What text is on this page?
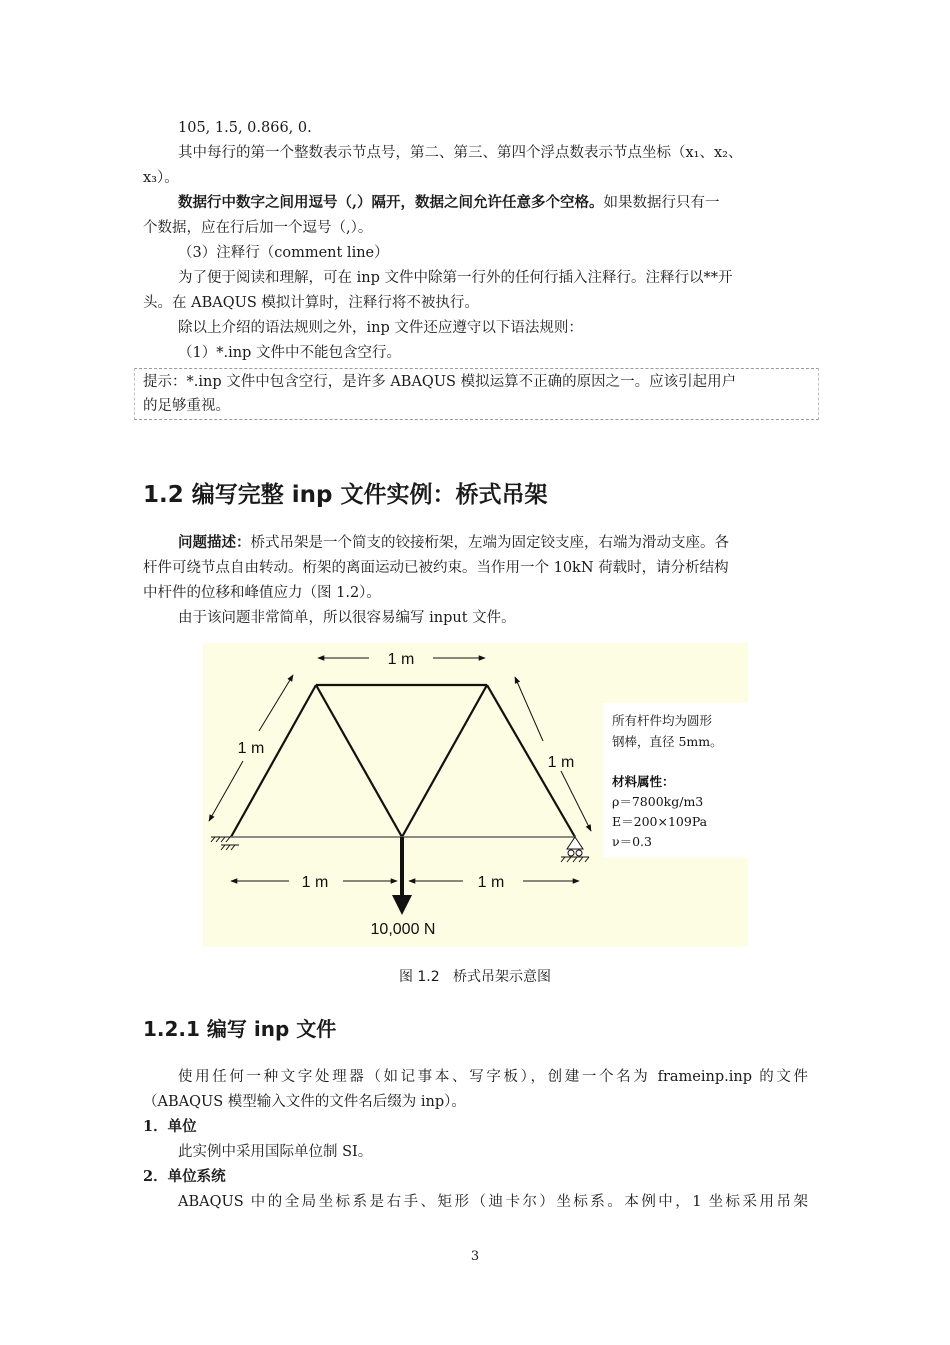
105, 1.5, 0.866, 0.
其中每行的第一个整数表示节点号，第二、第三、第四个浮点数表示节点坐标（x₁、x₂、
x₃）。
数据行中数字之间用逗号（,）隔开，数据之间允许任意多个空格。如果数据行只有一
个数据，应在行后加一个逗号（,）。
（3）注释行（comment line）
为了便于阅读和理解，可在 inp 文件中除第一行外的任何行插入注释行。注释行以**开
头。在 ABAQUS 模拟计算时，注释行将不被执行。
除以上介绍的语法规则之外，inp 文件还应遵守以下语法规则：
（1）*.inp 文件中不能包含空行。
提示：*.inp 文件中包含空行，是许多 ABAQUS 模拟运算不正确的原因之一。应该引起用户
的足够重视。
1.2 编写完整 inp 文件实例：桥式吊架
问题描述：桥式吊架是一个简支的铰接桁架，左端为固定铰支座，右端为滑动支座。各
杆件可绕节点自由转动。桁架的离面运动已被约束。当作用一个 10kN 荷载时，请分析结构
中杆件的位移和峰值应力（图 1.2）。
由于该问题非常简单，所以很容易编写 input 文件。
1 m
1 m
1 m
1 m	1 m
10,000 N
所有杆件均为圆形
钢棒，直径 5mm。
材料属性：
ρ＝7800kg/m3
E＝200×109Pa
ν＝0.3
图 1.2 桥式吊架示意图
1.2.1 编写 inp 文件
使用任何一种文字处理器（如记事本、写字板），创建一个名为 frameinp.inp 的文件
（ABAQUS 模型输入文件的文件名后缀为 inp）。
1．单位
此实例中采用国际单位制 SI。
2．单位系统
ABAQUS 中的全局坐标系是右手、矩形（迪卡尔）坐标系。本例中，1 坐标采用吊架
3
